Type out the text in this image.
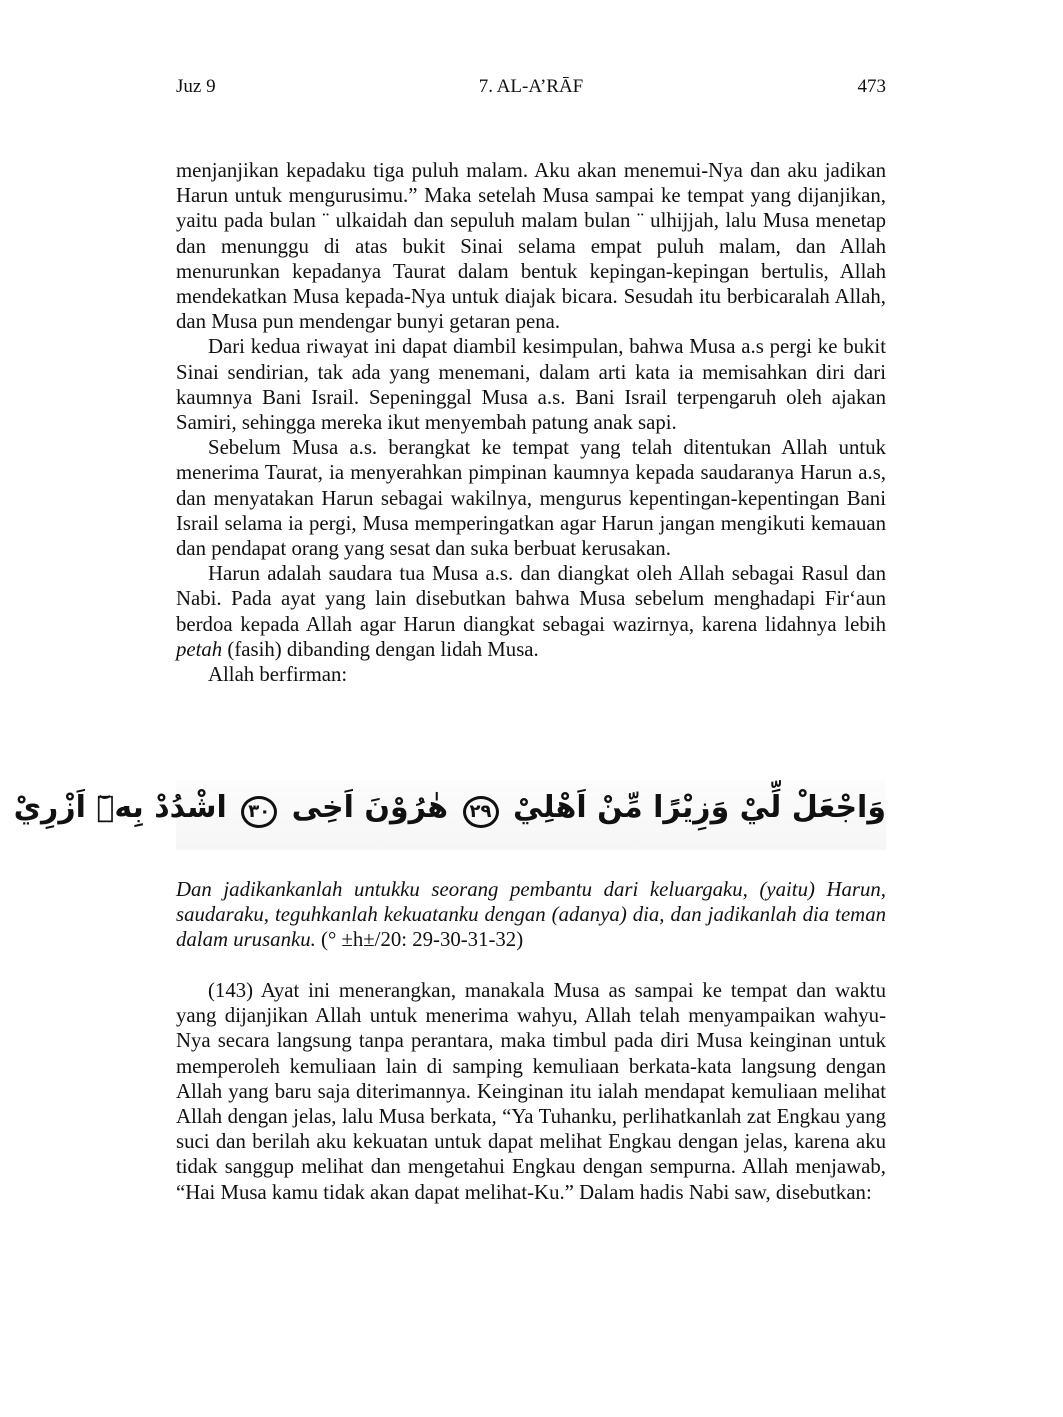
Juz 9	7. AL-A’RĀF	473

menjanjikan kepadaku tiga puluh malam. Aku akan menemui-Nya dan aku jadikan Harun untuk mengurusimu.” Maka setelah Musa sampai ke tempat yang dijanjikan, yaitu pada bulan ¨ ulkaidah dan sepuluh malam bulan ¨ ulhijjah, lalu Musa menetap dan menunggu di atas bukit Sinai selama empat puluh malam, dan Allah menurunkan kepadanya Taurat dalam bentuk kepingan-kepingan bertulis, Allah mendekatkan Musa kepada-Nya untuk diajak bicara. Sesudah itu berbicaralah Allah, dan Musa pun mendengar bunyi getaran pena.

Dari kedua riwayat ini dapat diambil kesimpulan, bahwa Musa a.s pergi ke bukit Sinai sendirian, tak ada yang menemani, dalam arti kata ia memisahkan diri dari kaumnya Bani Israil. Sepeninggal Musa a.s. Bani Israil terpengaruh oleh ajakan Samiri, sehingga mereka ikut menyembah patung anak sapi.

Sebelum Musa a.s. berangkat ke tempat yang telah ditentukan Allah untuk menerima Taurat, ia menyerahkan pimpinan kaumnya kepada saudaranya Harun a.s, dan menyatakan Harun sebagai wakilnya, mengurus kepentingan-kepentingan Bani Israil selama ia pergi, Musa memperingatkan agar Harun jangan mengikuti kemauan dan pendapat orang yang sesat dan suka berbuat kerusakan.

Harun adalah saudara tua Musa a.s. dan diangkat oleh Allah sebagai Rasul dan Nabi. Pada ayat yang lain disebutkan bahwa Musa sebelum menghadapi Fir‘aun berdoa kepada Allah agar Harun diangkat sebagai wazirnya, karena lidahnya lebih petah (fasih) dibanding dengan lidah Musa.

Allah berfirman:

وَاجْعَلْ لِّيْ وَزِيْرًا مِّنْ اَهْلِيْ ٢٩ هٰرُوْنَ اَخِى ٣٠ اشْدُدْ بِهٖٓ اَزْرِيْ
Dan jadikankanlah untukku seorang pembantu dari keluargaku, (yaitu) Harun, saudaraku, teguhkanlah kekuatanku dengan (adanya) dia, dan jadikanlah dia teman dalam urusanku. (° ±h±/20: 29-30-31-32)

(143) Ayat ini menerangkan, manakala Musa as sampai ke tempat dan waktu yang dijanjikan Allah untuk menerima wahyu, Allah telah menyampaikan wahyu-Nya secara langsung tanpa perantara, maka timbul pada diri Musa keinginan untuk memperoleh kemuliaan lain di samping kemuliaan berkata-kata langsung dengan Allah yang baru saja diterimannya. Keinginan itu ialah mendapat kemuliaan melihat Allah dengan jelas, lalu Musa berkata, “Ya Tuhanku, perlihatkanlah zat Engkau yang suci dan berilah aku kekuatan untuk dapat melihat Engkau dengan jelas, karena aku tidak sanggup melihat dan mengetahui Engkau dengan sempurna. Allah menjawab, “Hai Musa kamu tidak akan dapat melihat-Ku.” Dalam hadis Nabi saw, disebutkan:
